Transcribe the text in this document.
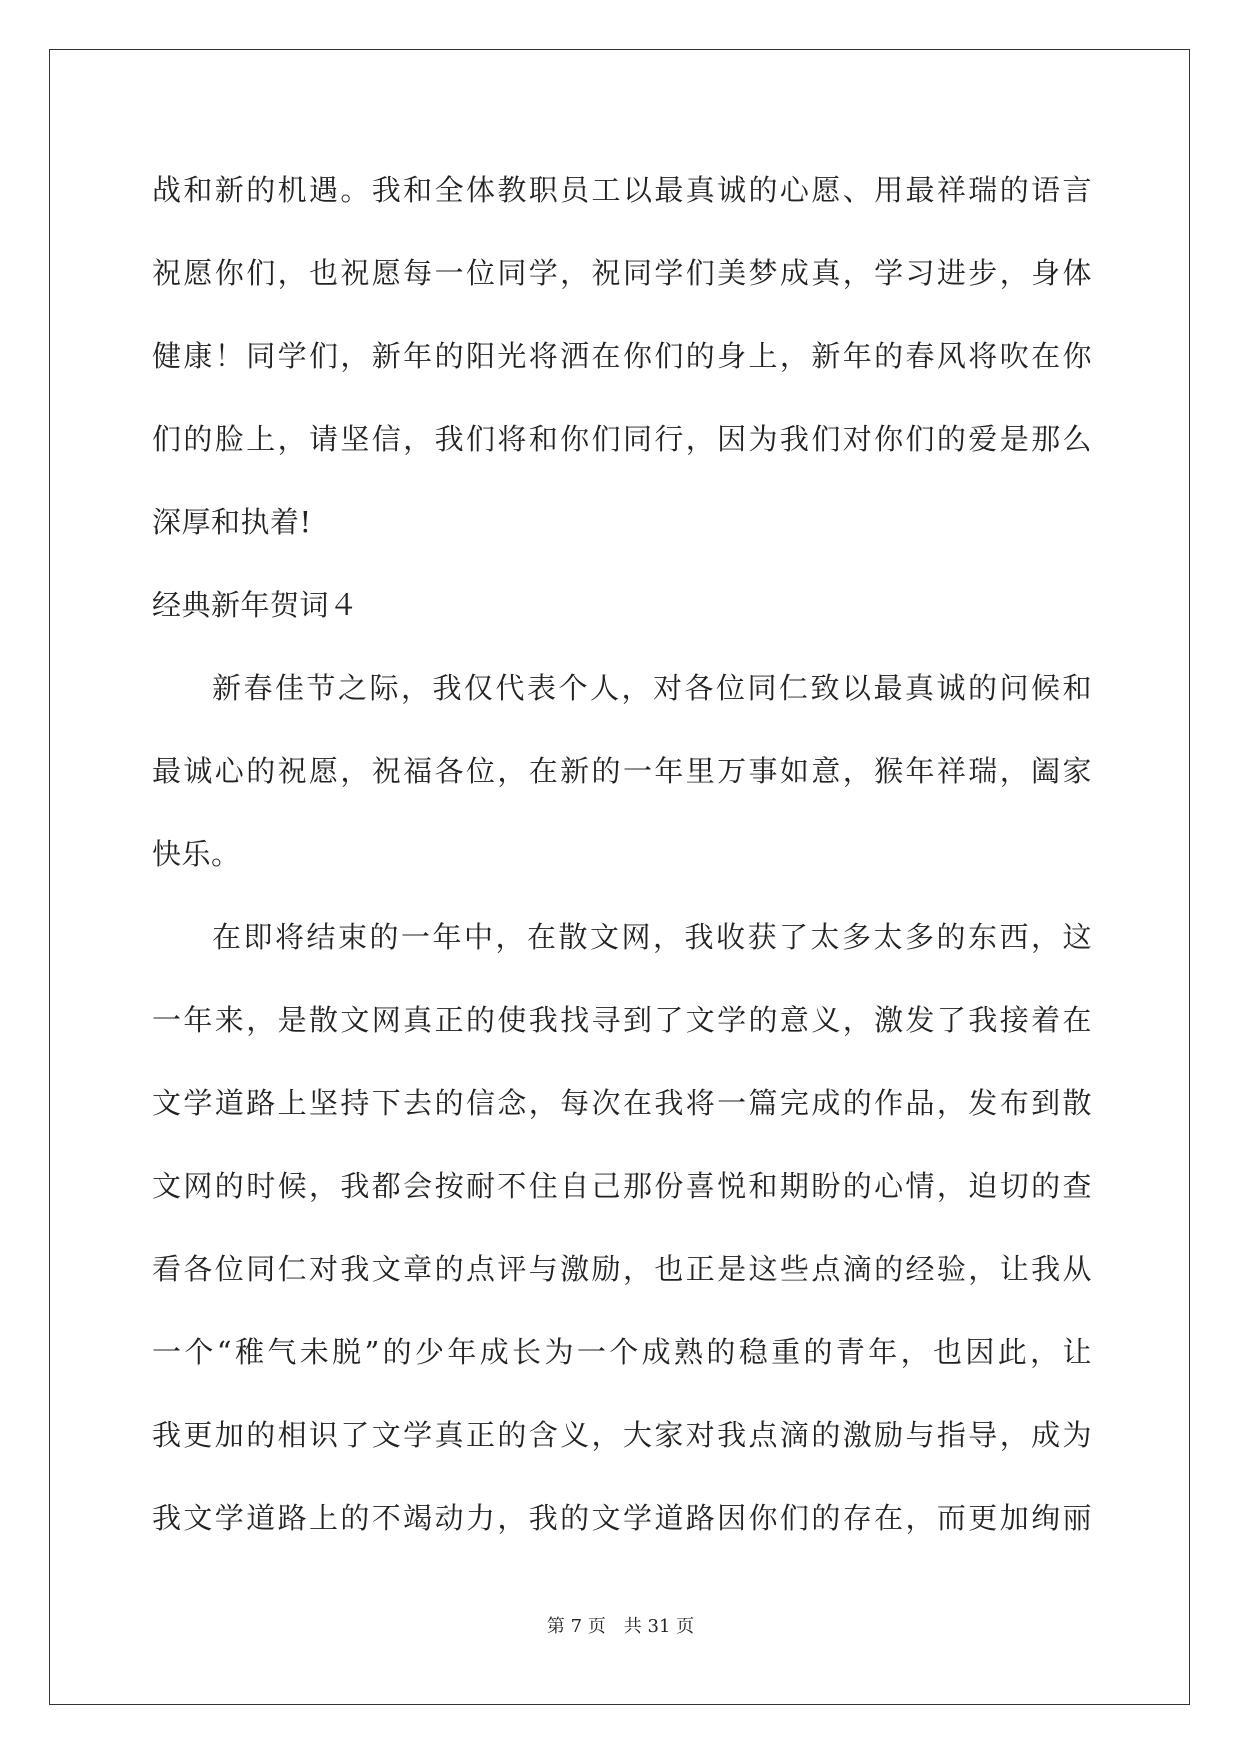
战和新的机遇。我和全体教职员工以最真诚的心愿、用最祥瑞的语言
祝愿你们，也祝愿每一位同学，祝同学们美梦成真，学习进步，身体
健康！同学们，新年的阳光将洒在你们的身上，新年的春风将吹在你
们的脸上，请坚信，我们将和你们同行，因为我们对你们的爱是那么
深厚和执着!
经典新年贺词４
新春佳节之际，我仅代表个人，对各位同仁致以最真诚的问候和
最诚心的祝愿，祝福各位，在新的一年里万事如意，猴年祥瑞，阖家
快乐。
在即将结束的一年中，在散文网，我收获了太多太多的东西，这
一年来，是散文网真正的使我找寻到了文学的意义，激发了我接着在
文学道路上坚持下去的信念，每次在我将一篇完成的作品，发布到散
文网的时候，我都会按耐不住自己那份喜悦和期盼的心情，迫切的查
看各位同仁对我文章的点评与激励，也正是这些点滴的经验，让我从
一个“稚气未脱”的少年成长为一个成熟的稳重的青年，也因此，让
我更加的相识了文学真正的含义，大家对我点滴的激励与指导，成为
我文学道路上的不竭动力，我的文学道路因你们的存在，而更加绚丽
第 7 页　共 31 页
